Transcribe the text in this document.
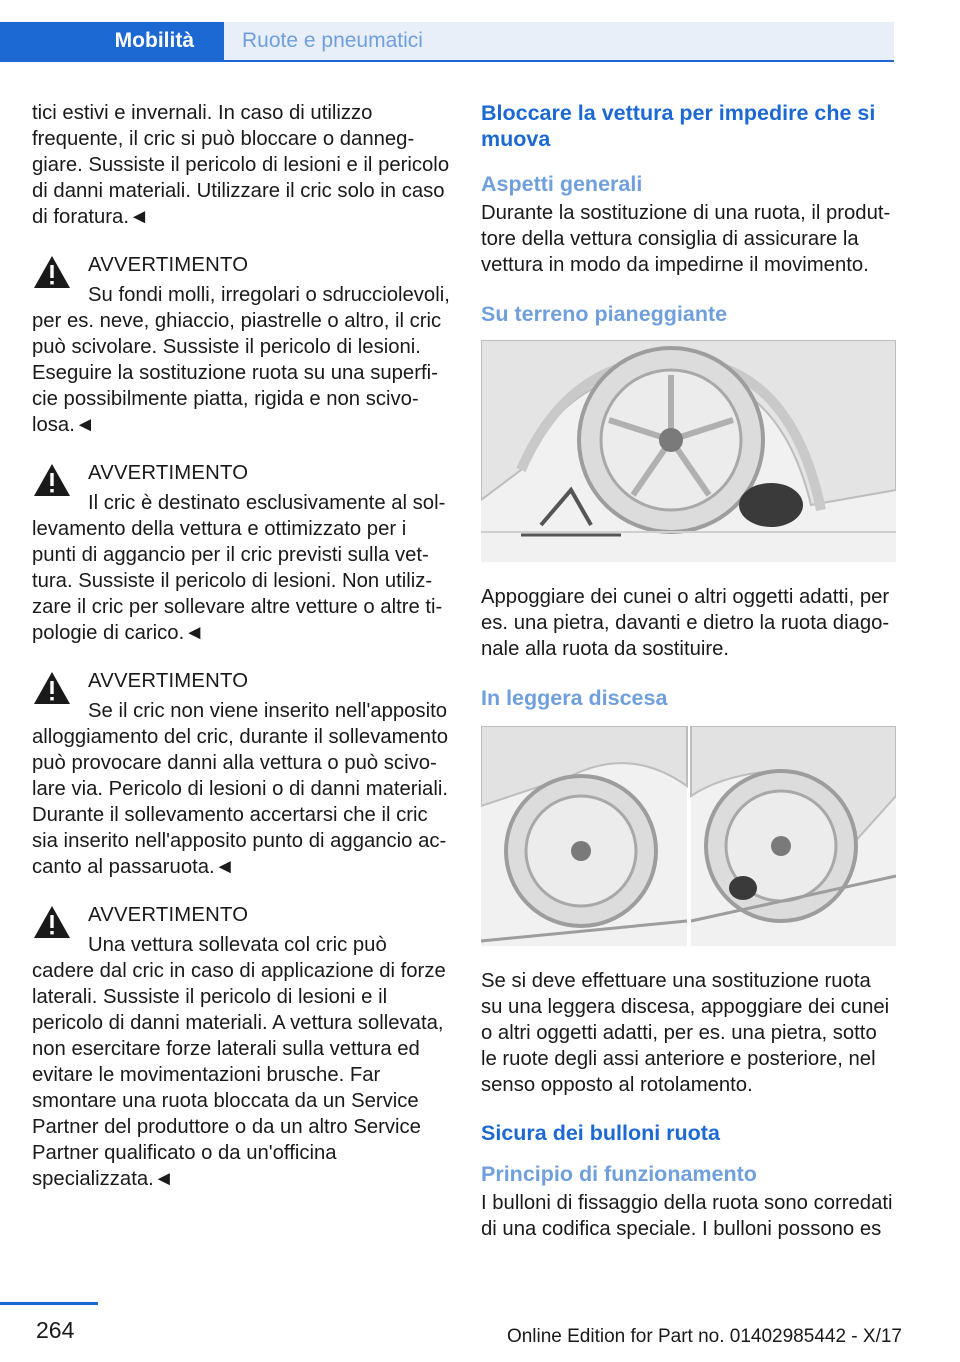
Mobilità	Ruote e pneumatici

tici estivi e invernali. In caso di utilizzo frequente, il cric si può bloccare o danneggiare. Sussiste il pericolo di lesioni e il pericolo di danni materiali. Utilizzare il cric solo in caso di foratura.◄

AVVERTIMENTO

Su fondi molli, irregolari o sdrucciolevoli, per es. neve, ghiaccio, piastrelle o altro, il cric può scivolare. Sussiste il pericolo di lesioni. Eseguire la sostituzione ruota su una superficie possibilmente piatta, rigida e non scivolosa.◄

AVVERTIMENTO

Il cric è destinato esclusivamente al sollevamento della vettura e ottimizzato per i punti di aggancio per il cric previsti sulla vettura. Sussiste il pericolo di lesioni. Non utilizzare il cric per sollevare altre vetture o altre tipologie di carico.◄

AVVERTIMENTO

Se il cric non viene inserito nell'apposito alloggiamento del cric, durante il sollevamento può provocare danni alla vettura o può scivolare via. Pericolo di lesioni o di danni materiali. Durante il sollevamento accertarsi che il cric sia inserito nell'apposito punto di aggancio accanto al passaruota.◄

AVVERTIMENTO

Una vettura sollevata col cric può cadere dal cric in caso di applicazione di forze laterali. Sussiste il pericolo di lesioni e il pericolo di danni materiali. A vettura sollevata, non esercitare forze laterali sulla vettura ed evitare le movimentazioni brusche. Far smontare una ruota bloccata da un Service Partner del produttore o da un altro Service Partner qualificato o da un'officina specializzata.◄

Bloccare la vettura per impedire che si muova
Aspetti generali

Durante la sostituzione di una ruota, il produttore della vettura consiglia di assicurare la vettura in modo da impedirne il movimento.

Su terreno pianeggiante

Appoggiare dei cunei o altri oggetti adatti, per es. una pietra, davanti e dietro la ruota diagonale alla ruota da sostituire.

In leggera discesa

Se si deve effettuare una sostituzione ruota su una leggera discesa, appoggiare dei cunei o altri oggetti adatti, per es. una pietra, sotto le ruote degli assi anteriore e posteriore, nel senso opposto al rotolamento.

Sicura dei bulloni ruota
Principio di funzionamento

I bulloni di fissaggio della ruota sono corredati di una codifica speciale. I bulloni possono es

264	Online Edition for Part no. 01402985442 - X/17
